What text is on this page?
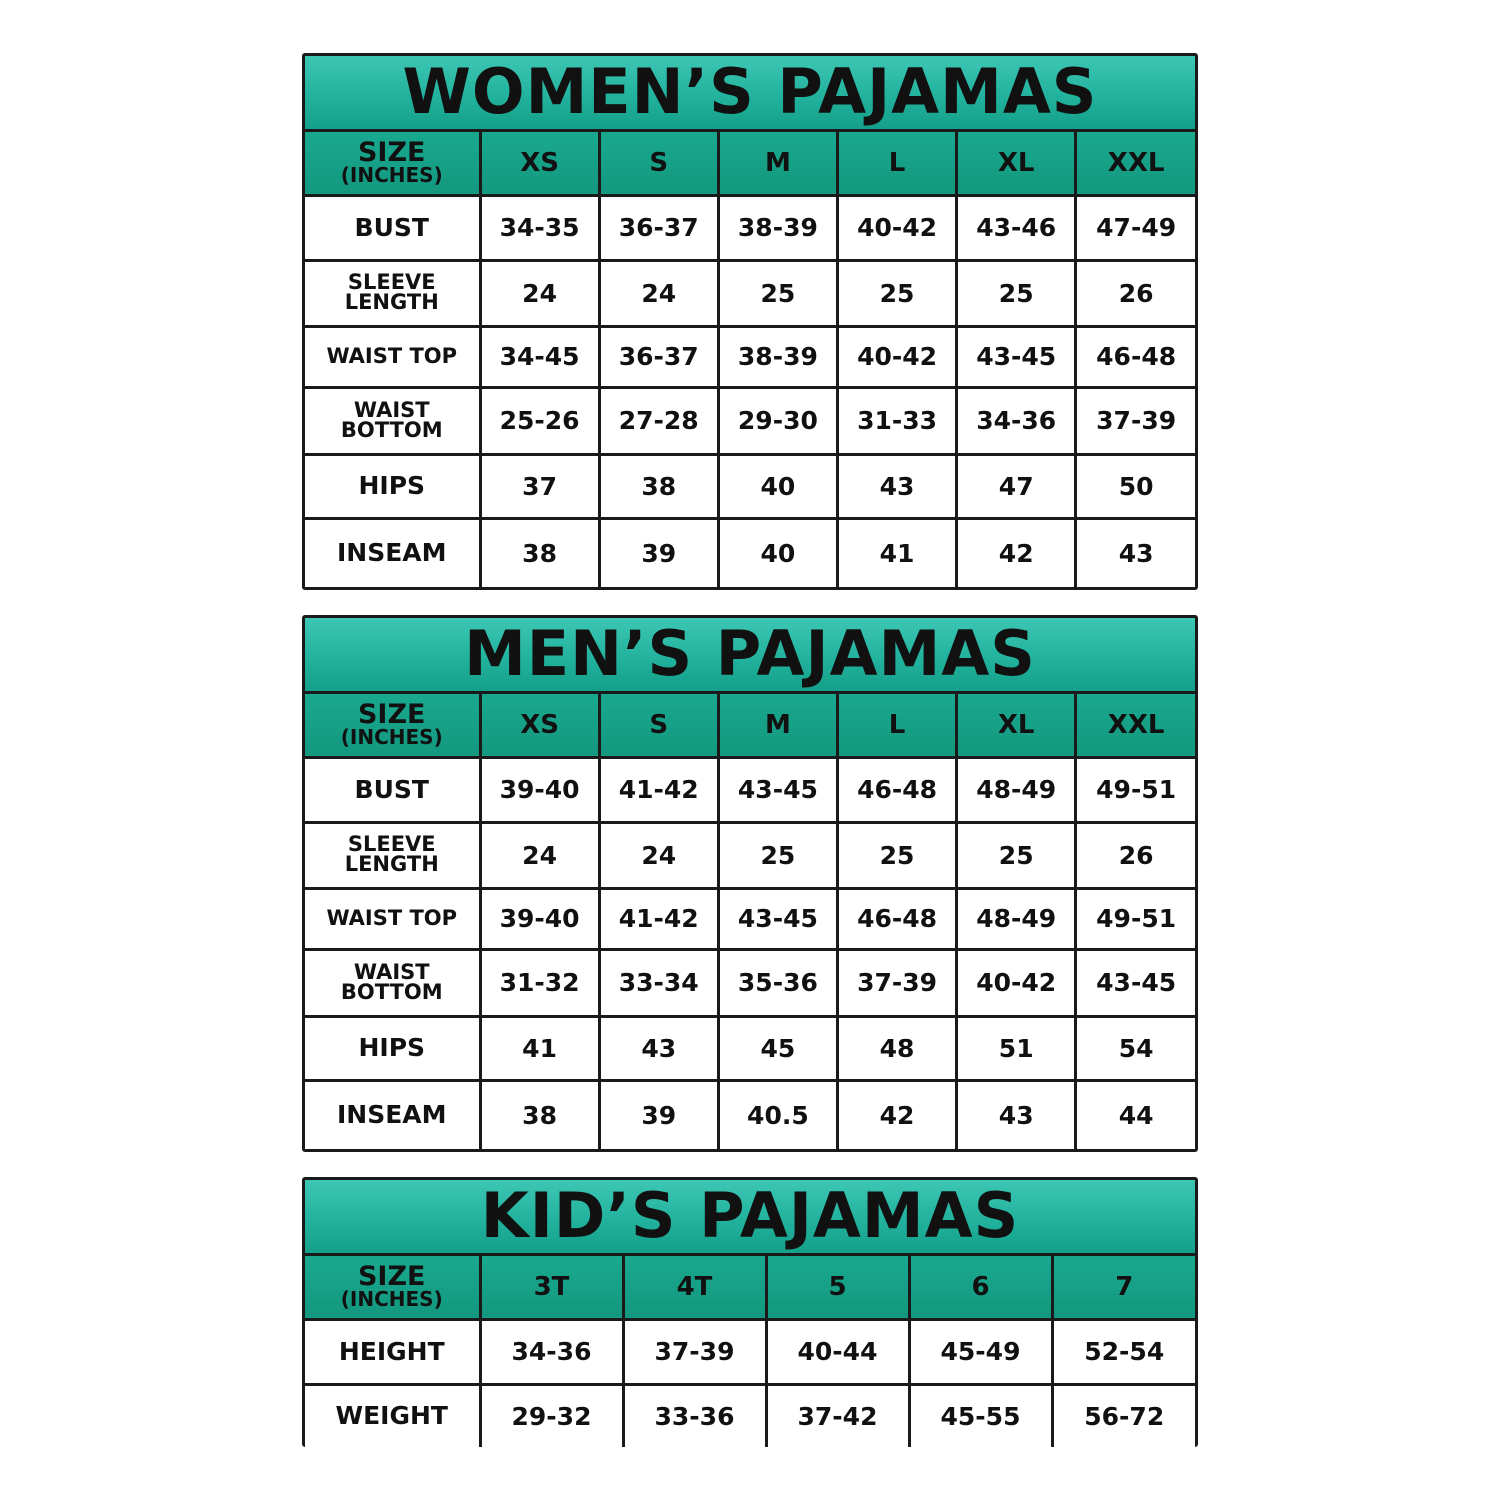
WOMEN’S PAJAMAS						

SIZE
(INCHES)	XS	S	M	L	XL	XXL
BUST	34-35	36-37	38-39	40-42	43-46	47-49
SLEEVE
LENGTH	24	24	25	25	25	26
WAIST TOP	34-45	36-37	38-39	40-42	43-45	46-48
WAIST
BOTTOM	25-26	27-28	29-30	31-33	34-36	37-39
HIPS	37	38	40	43	47	50
INSEAM	38	39	40	41	42	43
MEN’S PAJAMAS						

SIZE
(INCHES)	XS	S	M	L	XL	XXL
BUST	39-40	41-42	43-45	46-48	48-49	49-51
SLEEVE
LENGTH	24	24	25	25	25	26
WAIST TOP	39-40	41-42	43-45	46-48	48-49	49-51
WAIST
BOTTOM	31-32	33-34	35-36	37-39	40-42	43-45
HIPS	41	43	45	48	51	54
INSEAM	38	39	40.5	42	43	44
KID’S PAJAMAS					

SIZE
(INCHES)	3T	4T	5	6	7
HEIGHT	34-36	37-39	40-44	45-49	52-54
WEIGHT	29-32	33-36	37-42	45-55	56-72
